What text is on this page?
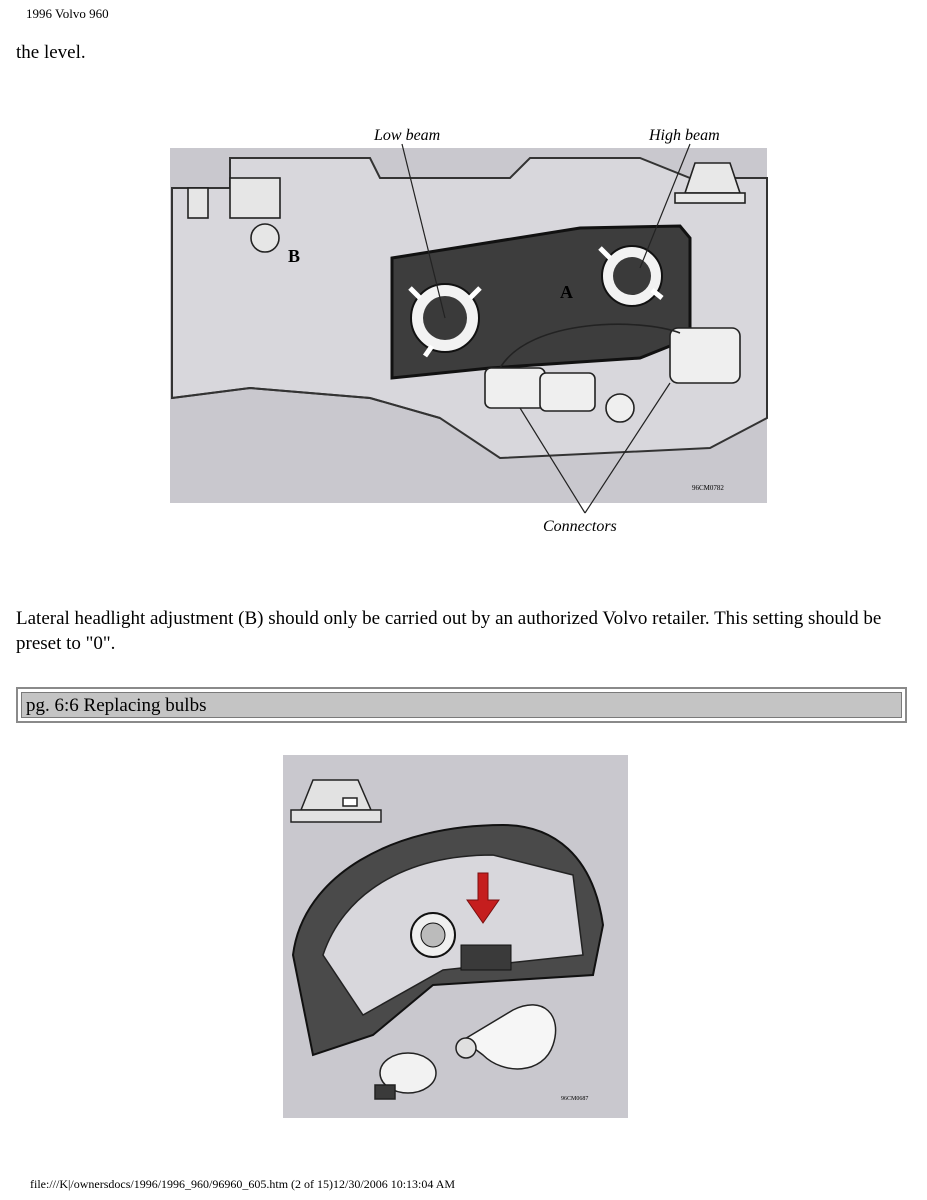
1996 Volvo 960
the level.
Low beam	High beam
Connectors
A
B
96CM0782
Lateral headlight adjustment (B) should only be carried out by an authorized Volvo retailer. This setting should be preset to "0".
pg. 6:6 Replacing bulbs
96CM0687
file:///K|/ownersdocs/1996/1996_960/96960_605.htm (2 of 15)12/30/2006 10:13:04 AM
